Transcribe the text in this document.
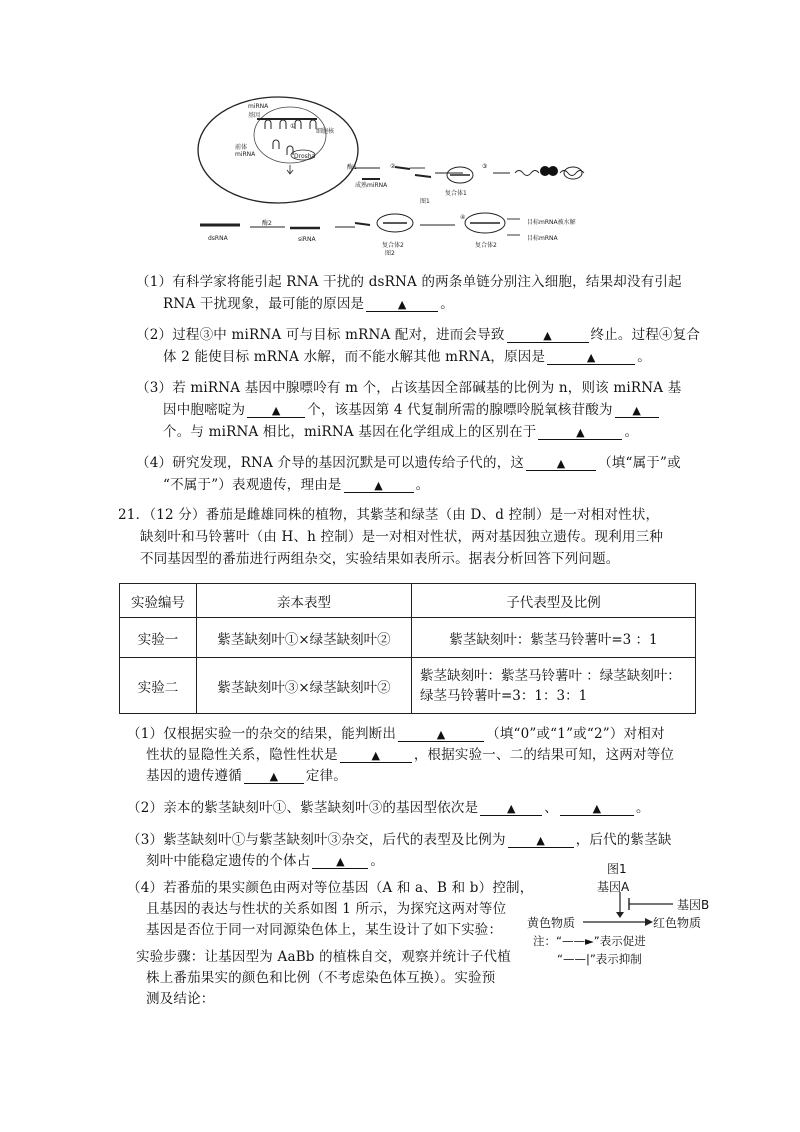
miRNA
基因
前体
miRNA
细胞核
Drosha
①
酶1
成熟miRNA
②	③
复合体1
图1
dsRNA
酶2
siRNA
复合体2	复合体2
图2
④
目标mRNA被水解
目标mRNA
（1）有科学家将能引起 RNA 干扰的 dsRNA 的两条单链分别注入细胞，结果却没有引起
RNA 干扰现象，最可能的原因是	▲ 。
（2）过程③中 miRNA 可与目标 mRNA 配对，进而会导致	▲	终止。过程④复合
体 2 能使目标 mRNA 水解，而不能水解其他 mRNA，原因是	▲	。
（3）若 miRNA 基因中腺嘌呤有 m 个，占该基因全部碱基的比例为 n，则该 miRNA 基
因中胞嘧啶为 ▲ 个，该基因第 4 代复制所需的腺嘌呤脱氧核苷酸为 ▲
个。与 miRNA 相比，miRNA 基因在化学组成上的区别在于	▲	。
（4）研究发现，RNA 介导的基因沉默是可以遗传给子代的，这	▲ （填“属于”或
“不属于”）表观遗传，理由是	▲ 。
21．（12 分）番茄是雌雄同株的植物，其紫茎和绿茎（由 D、d 控制）是一对相对性状，
缺刻叶和马铃薯叶（由 H、h 控制）是一对相对性状，两对基因独立遗传。现利用三种
不同基因型的番茄进行两组杂交，实验结果如表所示。据表分析回答下列问题。
实验编号	亲本表型	子代表型及比例
实验一	紫茎缺刻叶①×绿茎缺刻叶②	紫茎缺刻叶：紫茎马铃薯叶=3 ：1
实验二	紫茎缺刻叶③×绿茎缺刻叶②	紫茎缺刻叶：紫茎马铃薯叶 ：绿茎缺刻叶：
绿茎马铃薯叶=3：1：3：1
（1）仅根据实验一的杂交的结果，能判断出	▲	（填“0”或“1”或“2”）对相对
性状的显隐性关系，隐性性状是	▲ ，根据实验一、二的结果可知，这两对等位
基因的遗传遵循	▲ 定律。
（2）亲本的紫茎缺刻叶①、紫茎缺刻叶③的基因型依次是	▲ 、	▲	。
（3）紫茎缺刻叶①与紫茎缺刻叶③杂交，后代的表型及比例为	▲ ，后代的紫茎缺
刻叶中能稳定遗传的个体占 ▲ 。
（4）若番茄的果实颜色由两对等位基因（A 和 a、B 和 b）控制，
且基因的表达与性状的关系如图 1 所示，为探究这两对等位
基因是否位于同一对同源染色体上，某生设计了如下实验：
实验步骤：让基因型为 AaBb 的植株自交，观察并统计子代植
株上番茄果实的颜色和比例（不考虑染色体互换）。实验预
测及结论：
图1
基因A
基因B
黄色物质	红色物质
注：“——►”表示促进
“——|”表示抑制
